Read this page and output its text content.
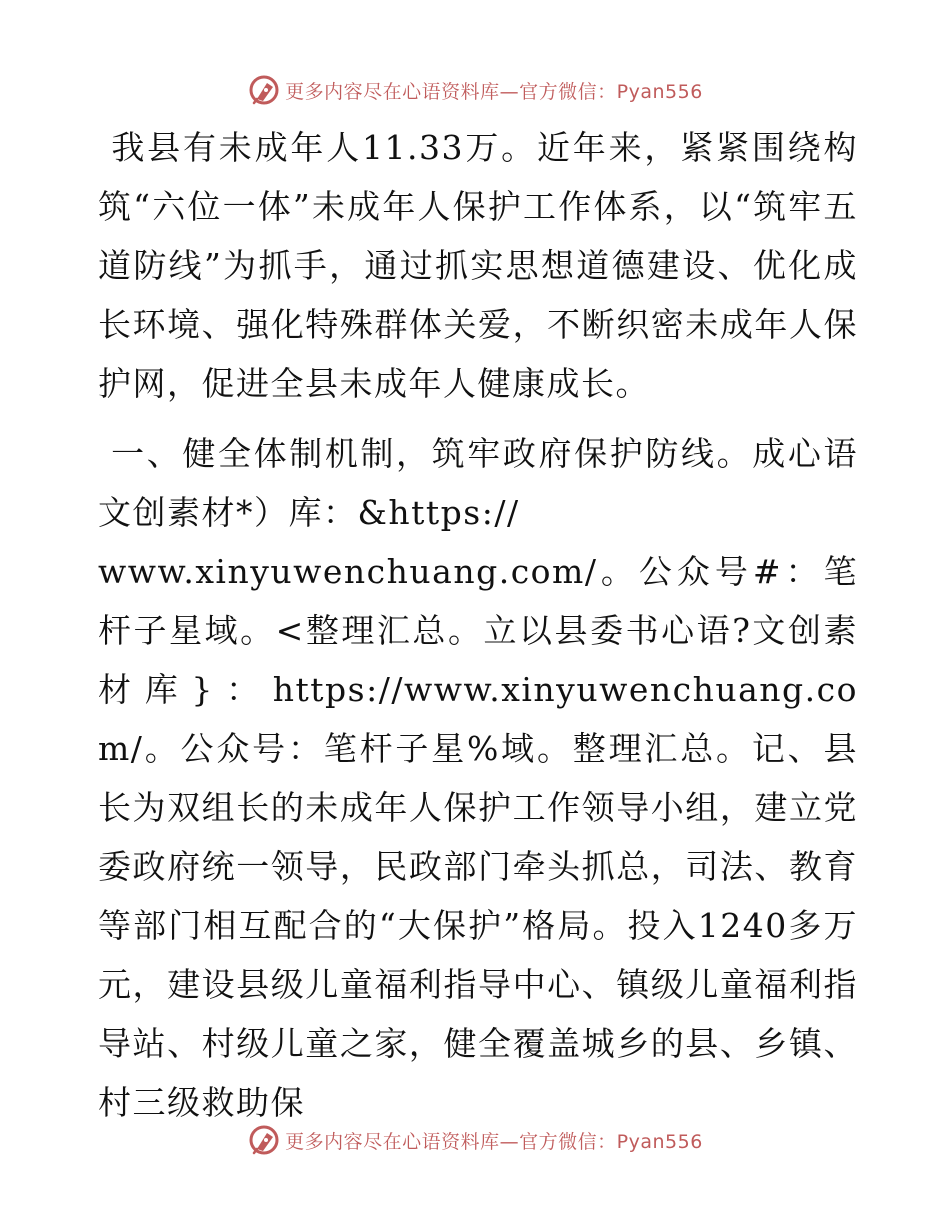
更多内容尽在心语资料库—官方微信：Pyan556

我县有未成年人11.33万。近年来，紧紧围绕构筑“六位一体”未成年人保护工作体系，以“筑牢五道防线”为抓手，通过抓实思想道德建设、优化成长环境、强化特殊群体关爱，不断织密未成年人保护网，促进全县未成年人健康成长。

一、健全体制机制，筑牢政府保护防线。成心语文创素材*）库：&https://
www.xinyuwenchuang.com/。公众号#：笔杆子星域。<整理汇总。立以县委书心语?文创素材库}：https://www.xinyuwenchuang.com/。公众号：笔杆子星%域。整理汇总。记、县长为双组长的未成年人保护工作领导小组，建立党委政府统一领导，民政部门牵头抓总，司法、教育等部门相互配合的“大保护”格局。投入1240多万元，建设县级儿童福利指导中心、镇级儿童福利指导站、村级儿童之家，健全覆盖城乡的县、乡镇、村三级救助保

更多内容尽在心语资料库—官方微信：Pyan556
